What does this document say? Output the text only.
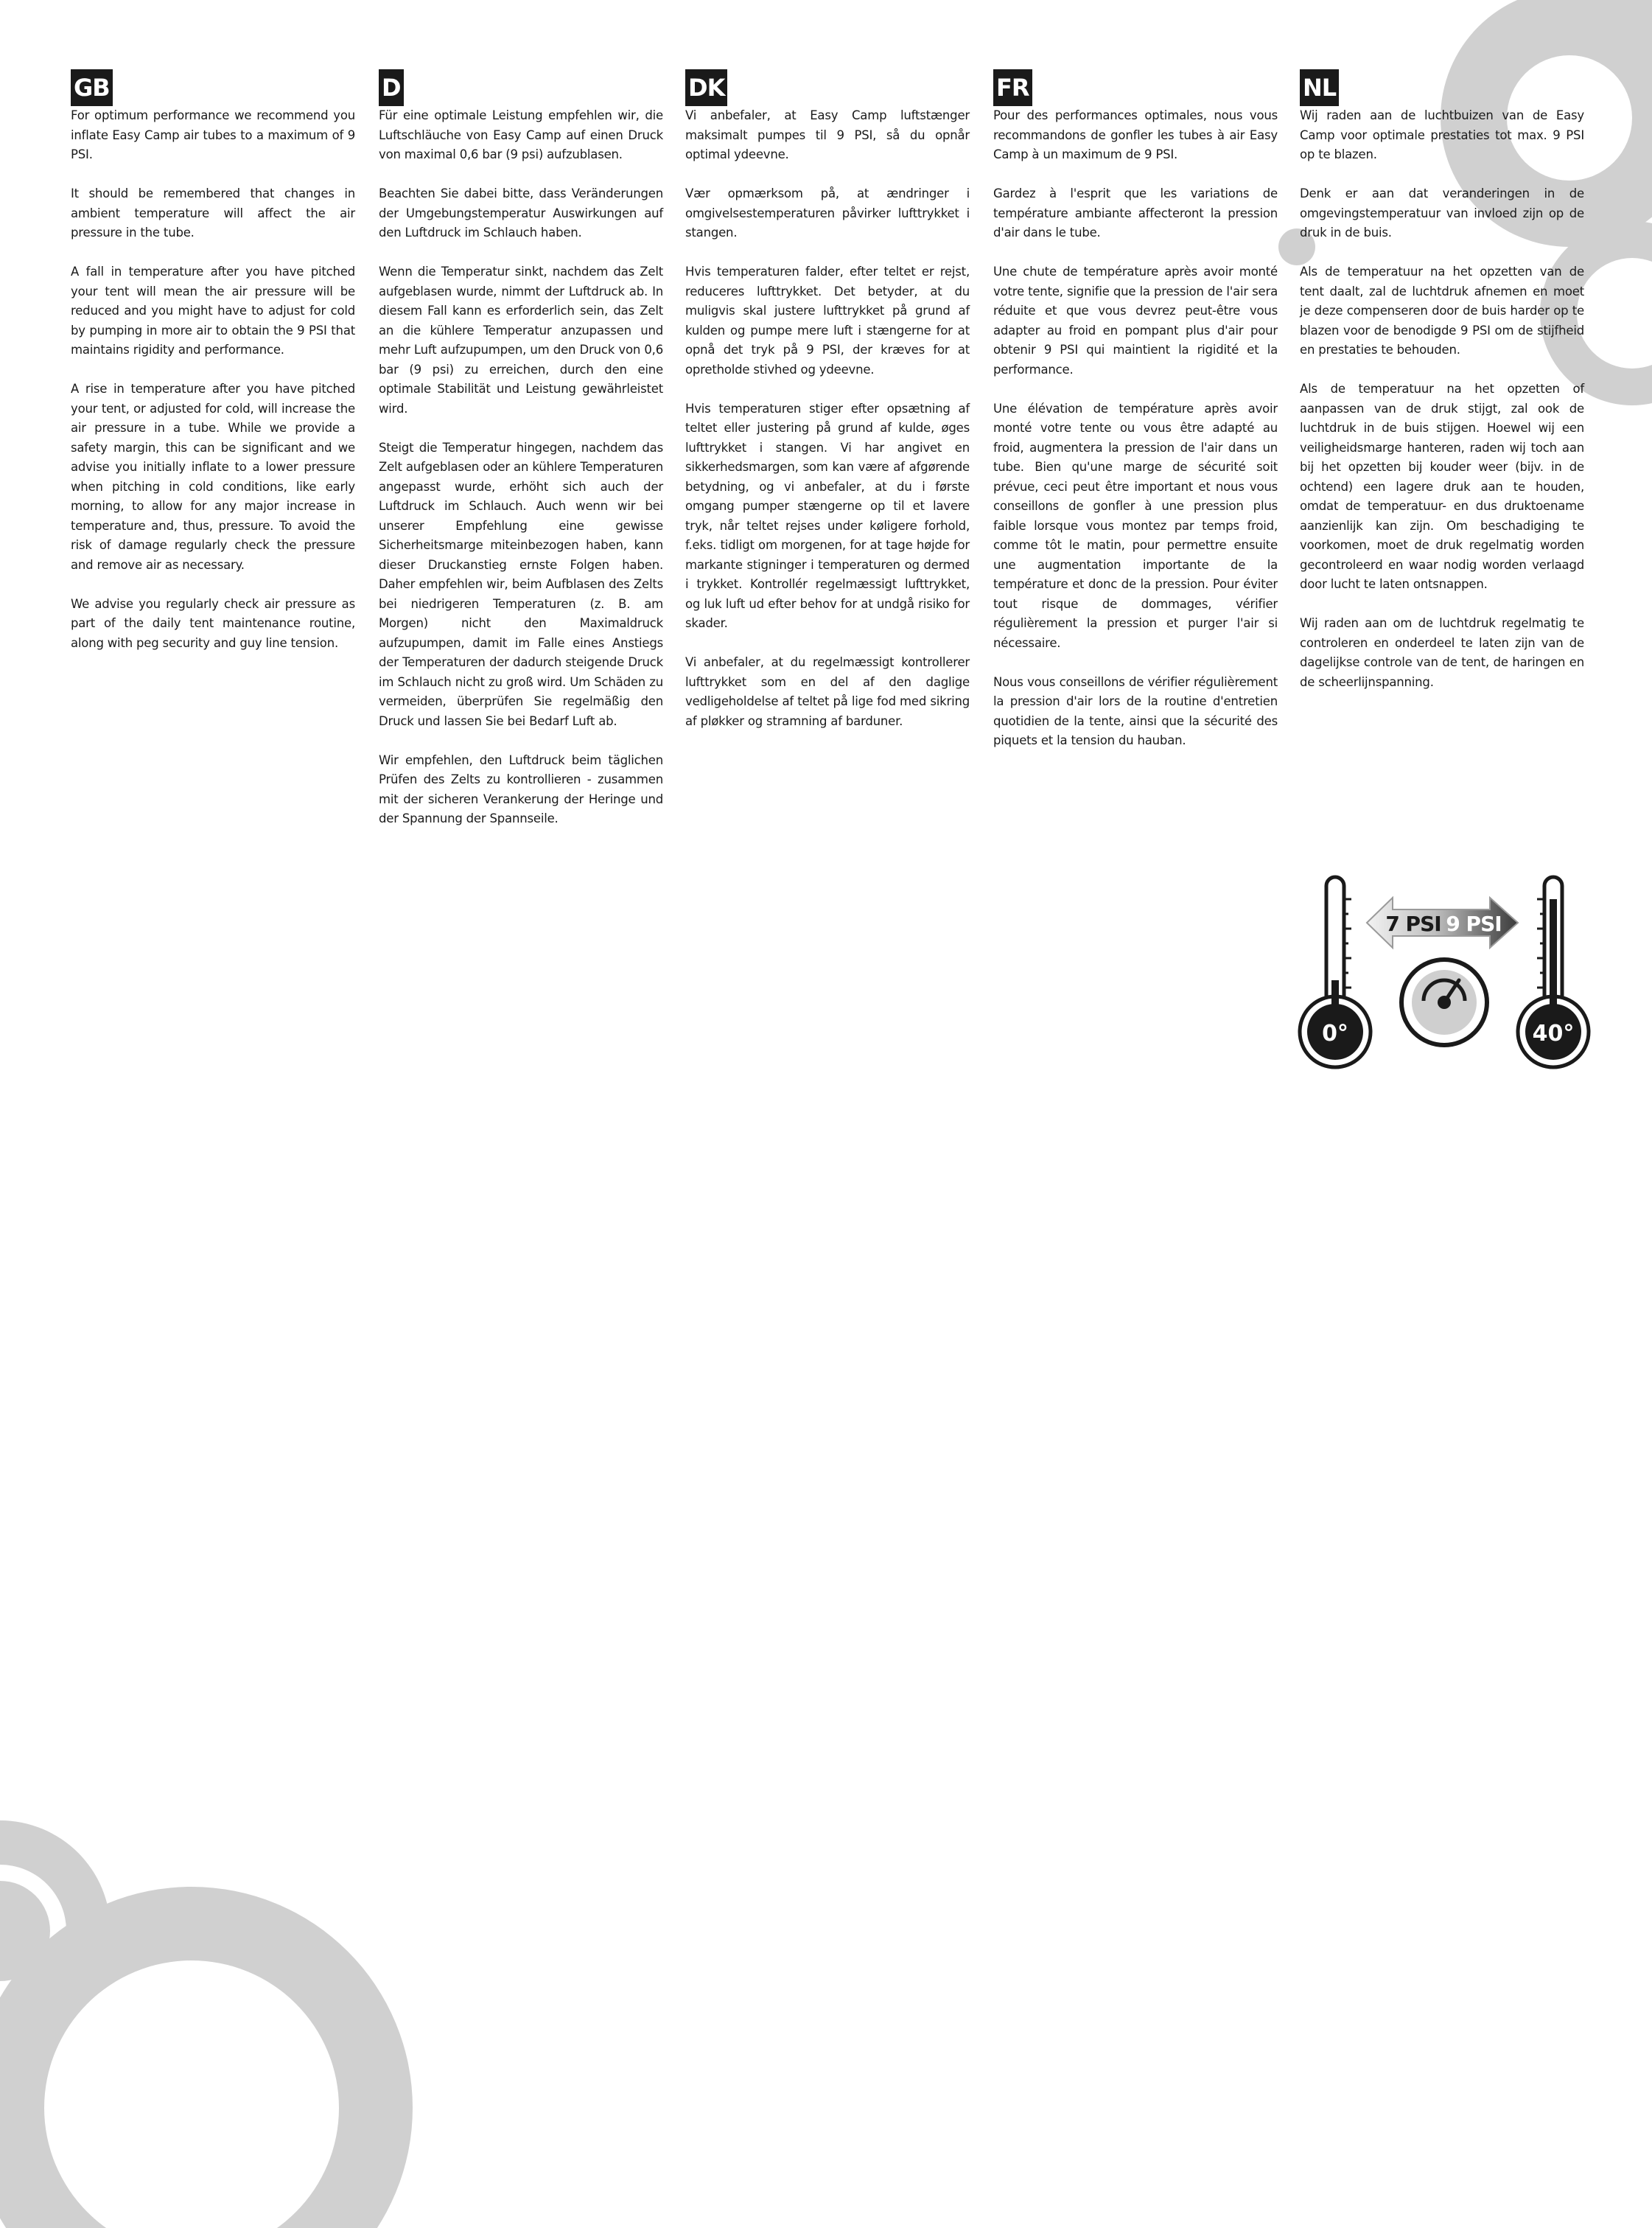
GB

For optimum performance we recommend you inflate Easy Camp air tubes to a maximum of 9 PSI.

It should be remembered that changes in ambient temperature will affect the air pressure in the tube.

A fall in temperature after you have pitched your tent will mean the air pressure will be reduced and you might have to adjust for cold by pumping in more air to obtain the 9 PSI that maintains rigidity and performance.

A rise in temperature after you have pitched your tent, or adjusted for cold, will increase the air pressure in a tube. While we provide a safety margin, this can be significant and we advise you initially inflate to a lower pressure when pitching in cold conditions, like early morning, to allow for any major increase in temperature and, thus, pressure. To avoid the risk of damage regularly check the pressure and remove air as necessary.

We advise you regularly check air pressure as part of the daily tent maintenance routine, along with peg security and guy line tension.

D

Für eine optimale Leistung empfehlen wir, die Luftschläuche von Easy Camp auf einen Druck von maximal 0,6 bar (9 psi) aufzublasen.

Beachten Sie dabei bitte, dass Veränderungen der Umgebungstemperatur Auswirkungen auf den Luftdruck im Schlauch haben.

Wenn die Temperatur sinkt, nachdem das Zelt aufgeblasen wurde, nimmt der Luftdruck ab. In diesem Fall kann es erforderlich sein, das Zelt an die kühlere Temperatur anzupassen und mehr Luft aufzupumpen, um den Druck von 0,6 bar (9 psi) zu erreichen, durch den eine optimale Stabilität und Leistung gewährleistet wird.

Steigt die Temperatur hingegen, nachdem das Zelt aufgeblasen oder an kühlere Temperaturen angepasst wurde, erhöht sich auch der Luftdruck im Schlauch. Auch wenn wir bei unserer Empfehlung eine gewisse Sicherheitsmarge miteinbezogen haben, kann dieser Druckanstieg ernste Folgen haben. Daher empfehlen wir, beim Aufblasen des Zelts bei niedrigeren Temperaturen (z. B. am Morgen) nicht den Maximaldruck aufzupumpen, damit im Falle eines Anstiegs der Temperaturen der dadurch steigende Druck im Schlauch nicht zu groß wird. Um Schäden zu vermeiden, überprüfen Sie regelmäßig den Druck und lassen Sie bei Bedarf Luft ab.

Wir empfehlen, den Luftdruck beim täglichen Prüfen des Zelts zu kontrollieren - zusammen mit der sicheren Verankerung der Heringe und der Spannung der Spannseile.

DK

Vi anbefaler, at Easy Camp luftstænger maksimalt pumpes til 9 PSI, så du opnår optimal ydeevne.

Vær opmærksom på, at ændringer i omgivelsestemperaturen påvirker lufttrykket i stangen.

Hvis temperaturen falder, efter teltet er rejst, reduceres lufttrykket. Det betyder, at du muligvis skal justere lufttrykket på grund af kulden og pumpe mere luft i stængerne for at opnå det tryk på 9 PSI, der kræves for at opretholde stivhed og ydeevne.

Hvis temperaturen stiger efter opsætning af teltet eller justering på grund af kulde, øges lufttrykket i stangen. Vi har angivet en sikkerhedsmargen, som kan være af afgørende betydning, og vi anbefaler, at du i første omgang pumper stængerne op til et lavere tryk, når teltet rejses under køligere forhold, f.eks. tidligt om morgenen, for at tage højde for markante stigninger i temperaturen og dermed i trykket. Kontrollér regelmæssigt lufttrykket, og luk luft ud efter behov for at undgå risiko for skader.

Vi anbefaler, at du regelmæssigt kontrollerer lufttrykket som en del af den daglige vedligeholdelse af teltet på lige fod med sikring af pløkker og stramning af barduner.

FR

Pour des performances optimales, nous vous recommandons de gonfler les tubes à air Easy Camp à un maximum de 9 PSI.

Gardez à l'esprit que les variations de température ambiante affecteront la pression d'air dans le tube.

Une chute de température après avoir monté votre tente, signifie que la pression de l'air sera réduite et que vous devrez peut-être vous adapter au froid en pompant plus d'air pour obtenir 9 PSI qui maintient la rigidité et la performance.

Une élévation de température après avoir monté votre tente ou vous être adapté au froid, augmentera la pression de l'air dans un tube. Bien qu'une marge de sécurité soit prévue, ceci peut être important et nous vous conseillons de gonfler à une pression plus faible lorsque vous montez par temps froid, comme tôt le matin, pour permettre ensuite une augmentation importante de la température et donc de la pression. Pour éviter tout risque de dommages, vérifier régulièrement la pression et purger l'air si nécessaire.

Nous vous conseillons de vérifier régulièrement la pression d'air lors de la routine d'entretien quotidien de la tente, ainsi que la sécurité des piquets et la tension du hauban.

NL

Wij raden aan de luchtbuizen van de Easy Camp voor optimale prestaties tot max. 9 PSI op te blazen.

Denk er aan dat veranderingen in de omgevingstemperatuur van invloed zijn op de druk in de buis.

Als de temperatuur na het opzetten van de tent daalt, zal de luchtdruk afnemen en moet je deze compenseren door de buis harder op te blazen voor de benodigde 9 PSI om de stijfheid en prestaties te behouden.

Als de temperatuur na het opzetten of aanpassen van de druk stijgt, zal ook de luchtdruk in de buis stijgen. Hoewel wij een veiligheidsmarge hanteren, raden wij toch aan bij het opzetten bij kouder weer (bijv. in de ochtend) een lagere druk aan te houden, omdat de temperatuur- en dus druktoename aanzienlijk kan zijn. Om beschadiging te voorkomen, moet de druk regelmatig worden gecontroleerd en waar nodig worden verlaagd door lucht te laten ontsnappen.

Wij raden aan om de luchtdruk regelmatig te controleren en onderdeel te laten zijn van de dagelijkse controle van de tent, de haringen en de scheerlijnspanning.

0°	40°
7 PSI 9 PSI
